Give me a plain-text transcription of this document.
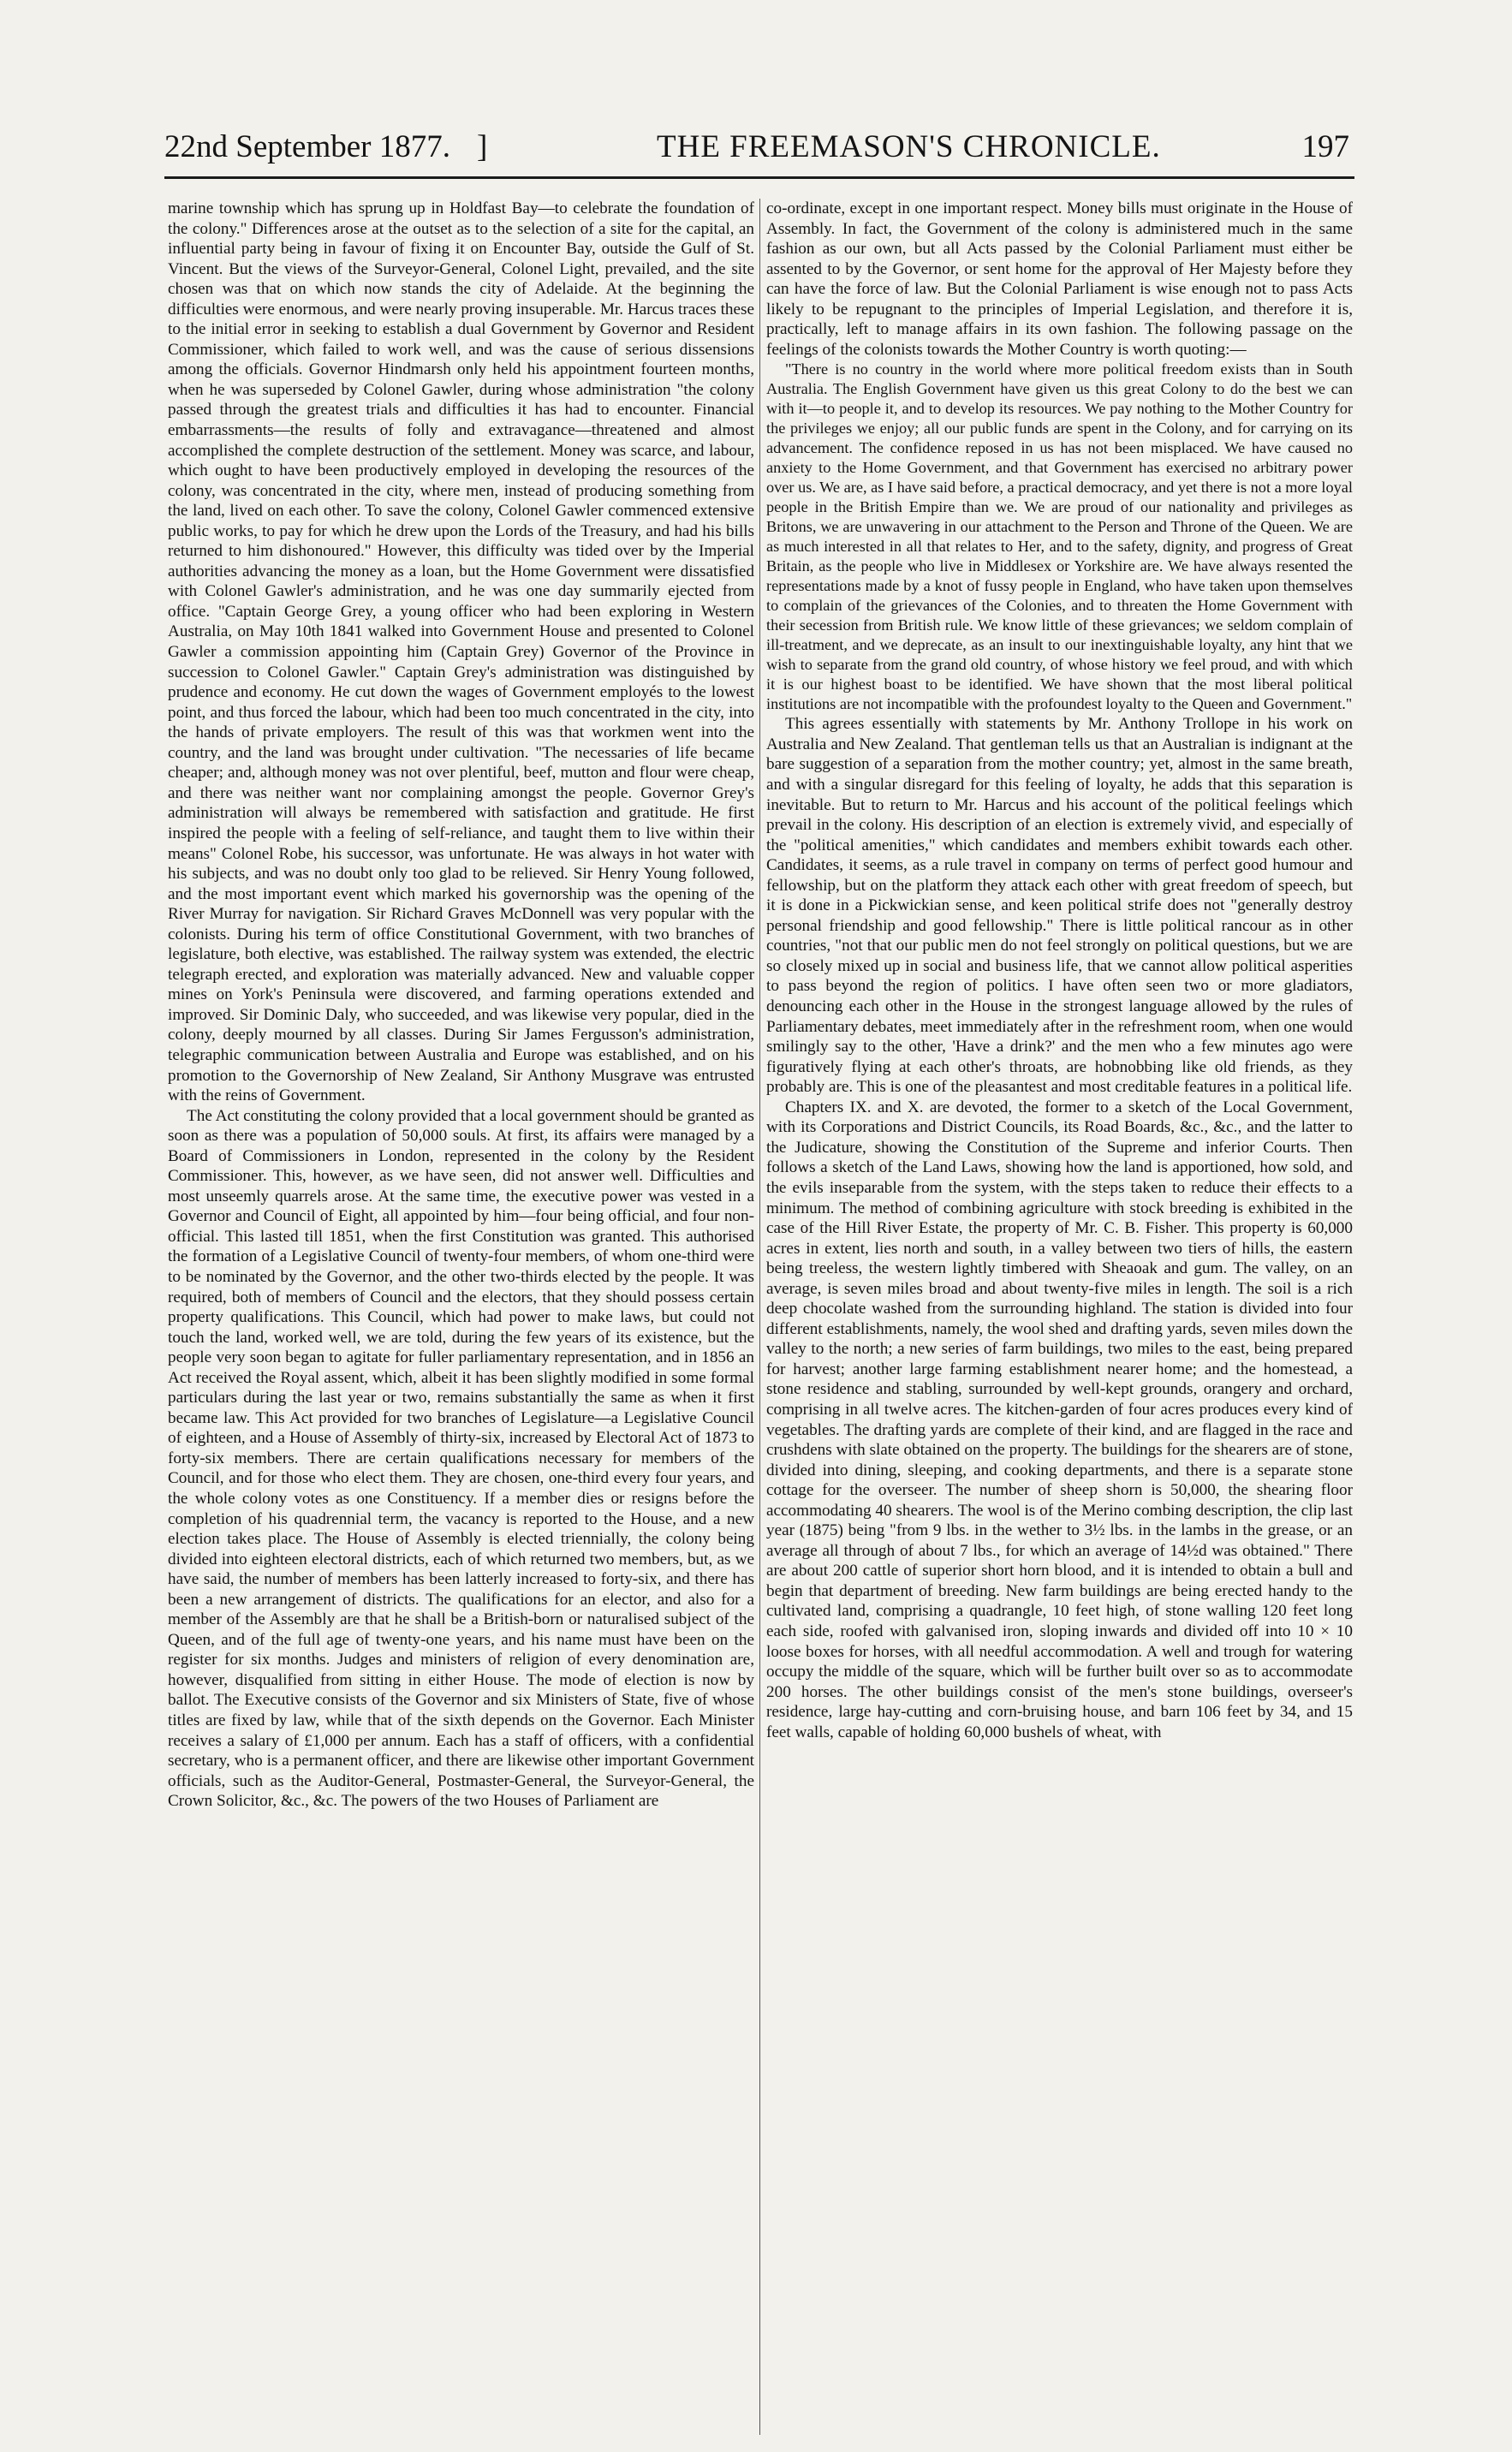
22nd September 1877. ]	THE FREEMASON'S CHRONICLE.	197

marine township which has sprung up in Holdfast Bay—to celebrate the foundation of the colony." Differences arose at the outset as to the selection of a site for the capital, an influential party being in favour of fixing it on Encounter Bay, outside the Gulf of St. Vincent. But the views of the Surveyor-General, Colonel Light, prevailed, and the site chosen was that on which now stands the city of Adelaide. At the beginning the difficulties were enormous, and were nearly proving insuperable. Mr. Harcus traces these to the initial error in seeking to establish a dual Government by Governor and Resident Commissioner, which failed to work well, and was the cause of serious dissensions among the officials. Governor Hindmarsh only held his appointment fourteen months, when he was superseded by Colonel Gawler, during whose administration "the colony passed through the greatest trials and difficulties it has had to encounter. Financial embarrassments—the results of folly and extravagance—threatened and almost accomplished the complete destruction of the settlement. Money was scarce, and labour, which ought to have been productively employed in developing the resources of the colony, was concentrated in the city, where men, instead of producing something from the land, lived on each other. To save the colony, Colonel Gawler commenced extensive public works, to pay for which he drew upon the Lords of the Treasury, and had his bills returned to him dishonoured." However, this difficulty was tided over by the Imperial authorities advancing the money as a loan, but the Home Government were dissatisfied with Colonel Gawler's administration, and he was one day summarily ejected from office. "Captain George Grey, a young officer who had been exploring in Western Australia, on May 10th 1841 walked into Government House and presented to Colonel Gawler a commission appointing him (Captain Grey) Governor of the Province in succession to Colonel Gawler." Captain Grey's administration was distinguished by prudence and economy. He cut down the wages of Government employés to the lowest point, and thus forced the labour, which had been too much concentrated in the city, into the hands of private employers. The result of this was that workmen went into the country, and the land was brought under cultivation. "The necessaries of life became cheaper; and, although money was not over plentiful, beef, mutton and flour were cheap, and there was neither want nor complaining amongst the people. Governor Grey's administration will always be remembered with satisfaction and gratitude. He first inspired the people with a feeling of self-reliance, and taught them to live within their means" Colonel Robe, his successor, was unfortunate. He was always in hot water with his subjects, and was no doubt only too glad to be relieved. Sir Henry Young followed, and the most important event which marked his governorship was the opening of the River Murray for navigation. Sir Richard Graves McDonnell was very popular with the colonists. During his term of office Constitutional Government, with two branches of legislature, both elective, was established. The railway system was extended, the electric telegraph erected, and exploration was materially advanced. New and valuable copper mines on York's Peninsula were discovered, and farming operations extended and improved. Sir Dominic Daly, who succeeded, and was likewise very popular, died in the colony, deeply mourned by all classes. During Sir James Fergusson's administration, telegraphic communication between Australia and Europe was established, and on his promotion to the Governorship of New Zealand, Sir Anthony Musgrave was entrusted with the reins of Government.

The Act constituting the colony provided that a local government should be granted as soon as there was a population of 50,000 souls. At first, its affairs were managed by a Board of Commissioners in London, represented in the colony by the Resident Commissioner. This, however, as we have seen, did not answer well. Difficulties and most unseemly quarrels arose. At the same time, the executive power was vested in a Governor and Council of Eight, all appointed by him—four being official, and four non-official. This lasted till 1851, when the first Constitution was granted. This authorised the formation of a Legislative Council of twenty-four members, of whom one-third were to be nominated by the Governor, and the other two-thirds elected by the people. It was required, both of members of Council and the electors, that they should possess certain property qualifications. This Council, which had power to make laws, but could not touch the land, worked well, we are told, during the few years of its existence, but the people very soon began to agitate for fuller parliamentary representation, and in 1856 an Act received the Royal assent, which, albeit it has been slightly modified in some formal particulars during the last year or two, remains substantially the same as when it first became law. This Act provided for two branches of Legislature—a Legislative Council of eighteen, and a House of Assembly of thirty-six, increased by Electoral Act of 1873 to forty-six members. There are certain qualifications necessary for members of the Council, and for those who elect them. They are chosen, one-third every four years, and the whole colony votes as one Constituency. If a member dies or resigns before the completion of his quadrennial term, the vacancy is reported to the House, and a new election takes place. The House of Assembly is elected triennially, the colony being divided into eighteen electoral districts, each of which returned two members, but, as we have said, the number of members has been latterly increased to forty-six, and there has been a new arrangement of districts. The qualifications for an elector, and also for a member of the Assembly are that he shall be a British-born or naturalised subject of the Queen, and of the full age of twenty-one years, and his name must have been on the register for six months. Judges and ministers of religion of every denomination are, however, disqualified from sitting in either House. The mode of election is now by ballot. The Executive consists of the Governor and six Ministers of State, five of whose titles are fixed by law, while that of the sixth depends on the Governor. Each Minister receives a salary of £1,000 per annum. Each has a staff of officers, with a confidential secretary, who is a permanent officer, and there are likewise other important Government officials, such as the Auditor-General, Postmaster-General, the Surveyor-General, the Crown Solicitor, &c., &c. The powers of the two Houses of Parliament are

co-ordinate, except in one important respect. Money bills must originate in the House of Assembly. In fact, the Government of the colony is administered much in the same fashion as our own, but all Acts passed by the Colonial Parliament must either be assented to by the Governor, or sent home for the approval of Her Majesty before they can have the force of law. But the Colonial Parliament is wise enough not to pass Acts likely to be repugnant to the principles of Imperial Legislation, and therefore it is, practically, left to manage affairs in its own fashion. The following passage on the feelings of the colonists towards the Mother Country is worth quoting:—

"There is no country in the world where more political freedom exists than in South Australia. The English Government have given us this great Colony to do the best we can with it—to people it, and to develop its resources. We pay nothing to the Mother Country for the privileges we enjoy; all our public funds are spent in the Colony, and for carrying on its advancement. The confidence reposed in us has not been misplaced. We have caused no anxiety to the Home Government, and that Government has exercised no arbitrary power over us. We are, as I have said before, a practical democracy, and yet there is not a more loyal people in the British Empire than we. We are proud of our nationality and privileges as Britons, we are unwavering in our attachment to the Person and Throne of the Queen. We are as much interested in all that relates to Her, and to the safety, dignity, and progress of Great Britain, as the people who live in Middlesex or Yorkshire are. We have always resented the representations made by a knot of fussy people in England, who have taken upon themselves to complain of the grievances of the Colonies, and to threaten the Home Government with their secession from British rule. We know little of these grievances; we seldom complain of ill-treatment, and we deprecate, as an insult to our inextinguishable loyalty, any hint that we wish to separate from the grand old country, of whose history we feel proud, and with which it is our highest boast to be identified. We have shown that the most liberal political institutions are not incompatible with the profoundest loyalty to the Queen and Government."

This agrees essentially with statements by Mr. Anthony Trollope in his work on Australia and New Zealand. That gentleman tells us that an Australian is indignant at the bare suggestion of a separation from the mother country; yet, almost in the same breath, and with a singular disregard for this feeling of loyalty, he adds that this separation is inevitable. But to return to Mr. Harcus and his account of the political feelings which prevail in the colony. His description of an election is extremely vivid, and especially of the "political amenities," which candidates and members exhibit towards each other. Candidates, it seems, as a rule travel in company on terms of perfect good humour and fellowship, but on the platform they attack each other with great freedom of speech, but it is done in a Pickwickian sense, and keen political strife does not "generally destroy personal friendship and good fellowship." There is little political rancour as in other countries, "not that our public men do not feel strongly on political questions, but we are so closely mixed up in social and business life, that we cannot allow political asperities to pass beyond the region of politics. I have often seen two or more gladiators, denouncing each other in the House in the strongest language allowed by the rules of Parliamentary debates, meet immediately after in the refreshment room, when one would smilingly say to the other, 'Have a drink?' and the men who a few minutes ago were figuratively flying at each other's throats, are hobnobbing like old friends, as they probably are. This is one of the pleasantest and most creditable features in a political life.

Chapters IX. and X. are devoted, the former to a sketch of the Local Government, with its Corporations and District Councils, its Road Boards, &c., &c., and the latter to the Judicature, showing the Constitution of the Supreme and inferior Courts. Then follows a sketch of the Land Laws, showing how the land is apportioned, how sold, and the evils inseparable from the system, with the steps taken to reduce their effects to a minimum. The method of combining agriculture with stock breeding is exhibited in the case of the Hill River Estate, the property of Mr. C. B. Fisher. This property is 60,000 acres in extent, lies north and south, in a valley between two tiers of hills, the eastern being treeless, the western lightly timbered with Sheaoak and gum. The valley, on an average, is seven miles broad and about twenty-five miles in length. The soil is a rich deep chocolate washed from the surrounding highland. The station is divided into four different establishments, namely, the wool shed and drafting yards, seven miles down the valley to the north; a new series of farm buildings, two miles to the east, being prepared for harvest; another large farming establishment nearer home; and the homestead, a stone residence and stabling, surrounded by well-kept grounds, orangery and orchard, comprising in all twelve acres. The kitchen-garden of four acres produces every kind of vegetables. The drafting yards are complete of their kind, and are flagged in the race and crushdens with slate obtained on the property. The buildings for the shearers are of stone, divided into dining, sleeping, and cooking departments, and there is a separate stone cottage for the overseer. The number of sheep shorn is 50,000, the shearing floor accommodating 40 shearers. The wool is of the Merino combing description, the clip last year (1875) being "from 9 lbs. in the wether to 3½ lbs. in the lambs in the grease, or an average all through of about 7 lbs., for which an average of 14½d was obtained." There are about 200 cattle of superior short horn blood, and it is intended to obtain a bull and begin that department of breeding. New farm buildings are being erected handy to the cultivated land, comprising a quadrangle, 10 feet high, of stone walling 120 feet long each side, roofed with galvanised iron, sloping inwards and divided off into 10 × 10 loose boxes for horses, with all needful accommodation. A well and trough for watering occupy the middle of the square, which will be further built over so as to accommodate 200 horses. The other buildings consist of the men's stone buildings, overseer's residence, large hay-cutting and corn-bruising house, and barn 106 feet by 34, and 15 feet walls, capable of holding 60,000 bushels of wheat, with
